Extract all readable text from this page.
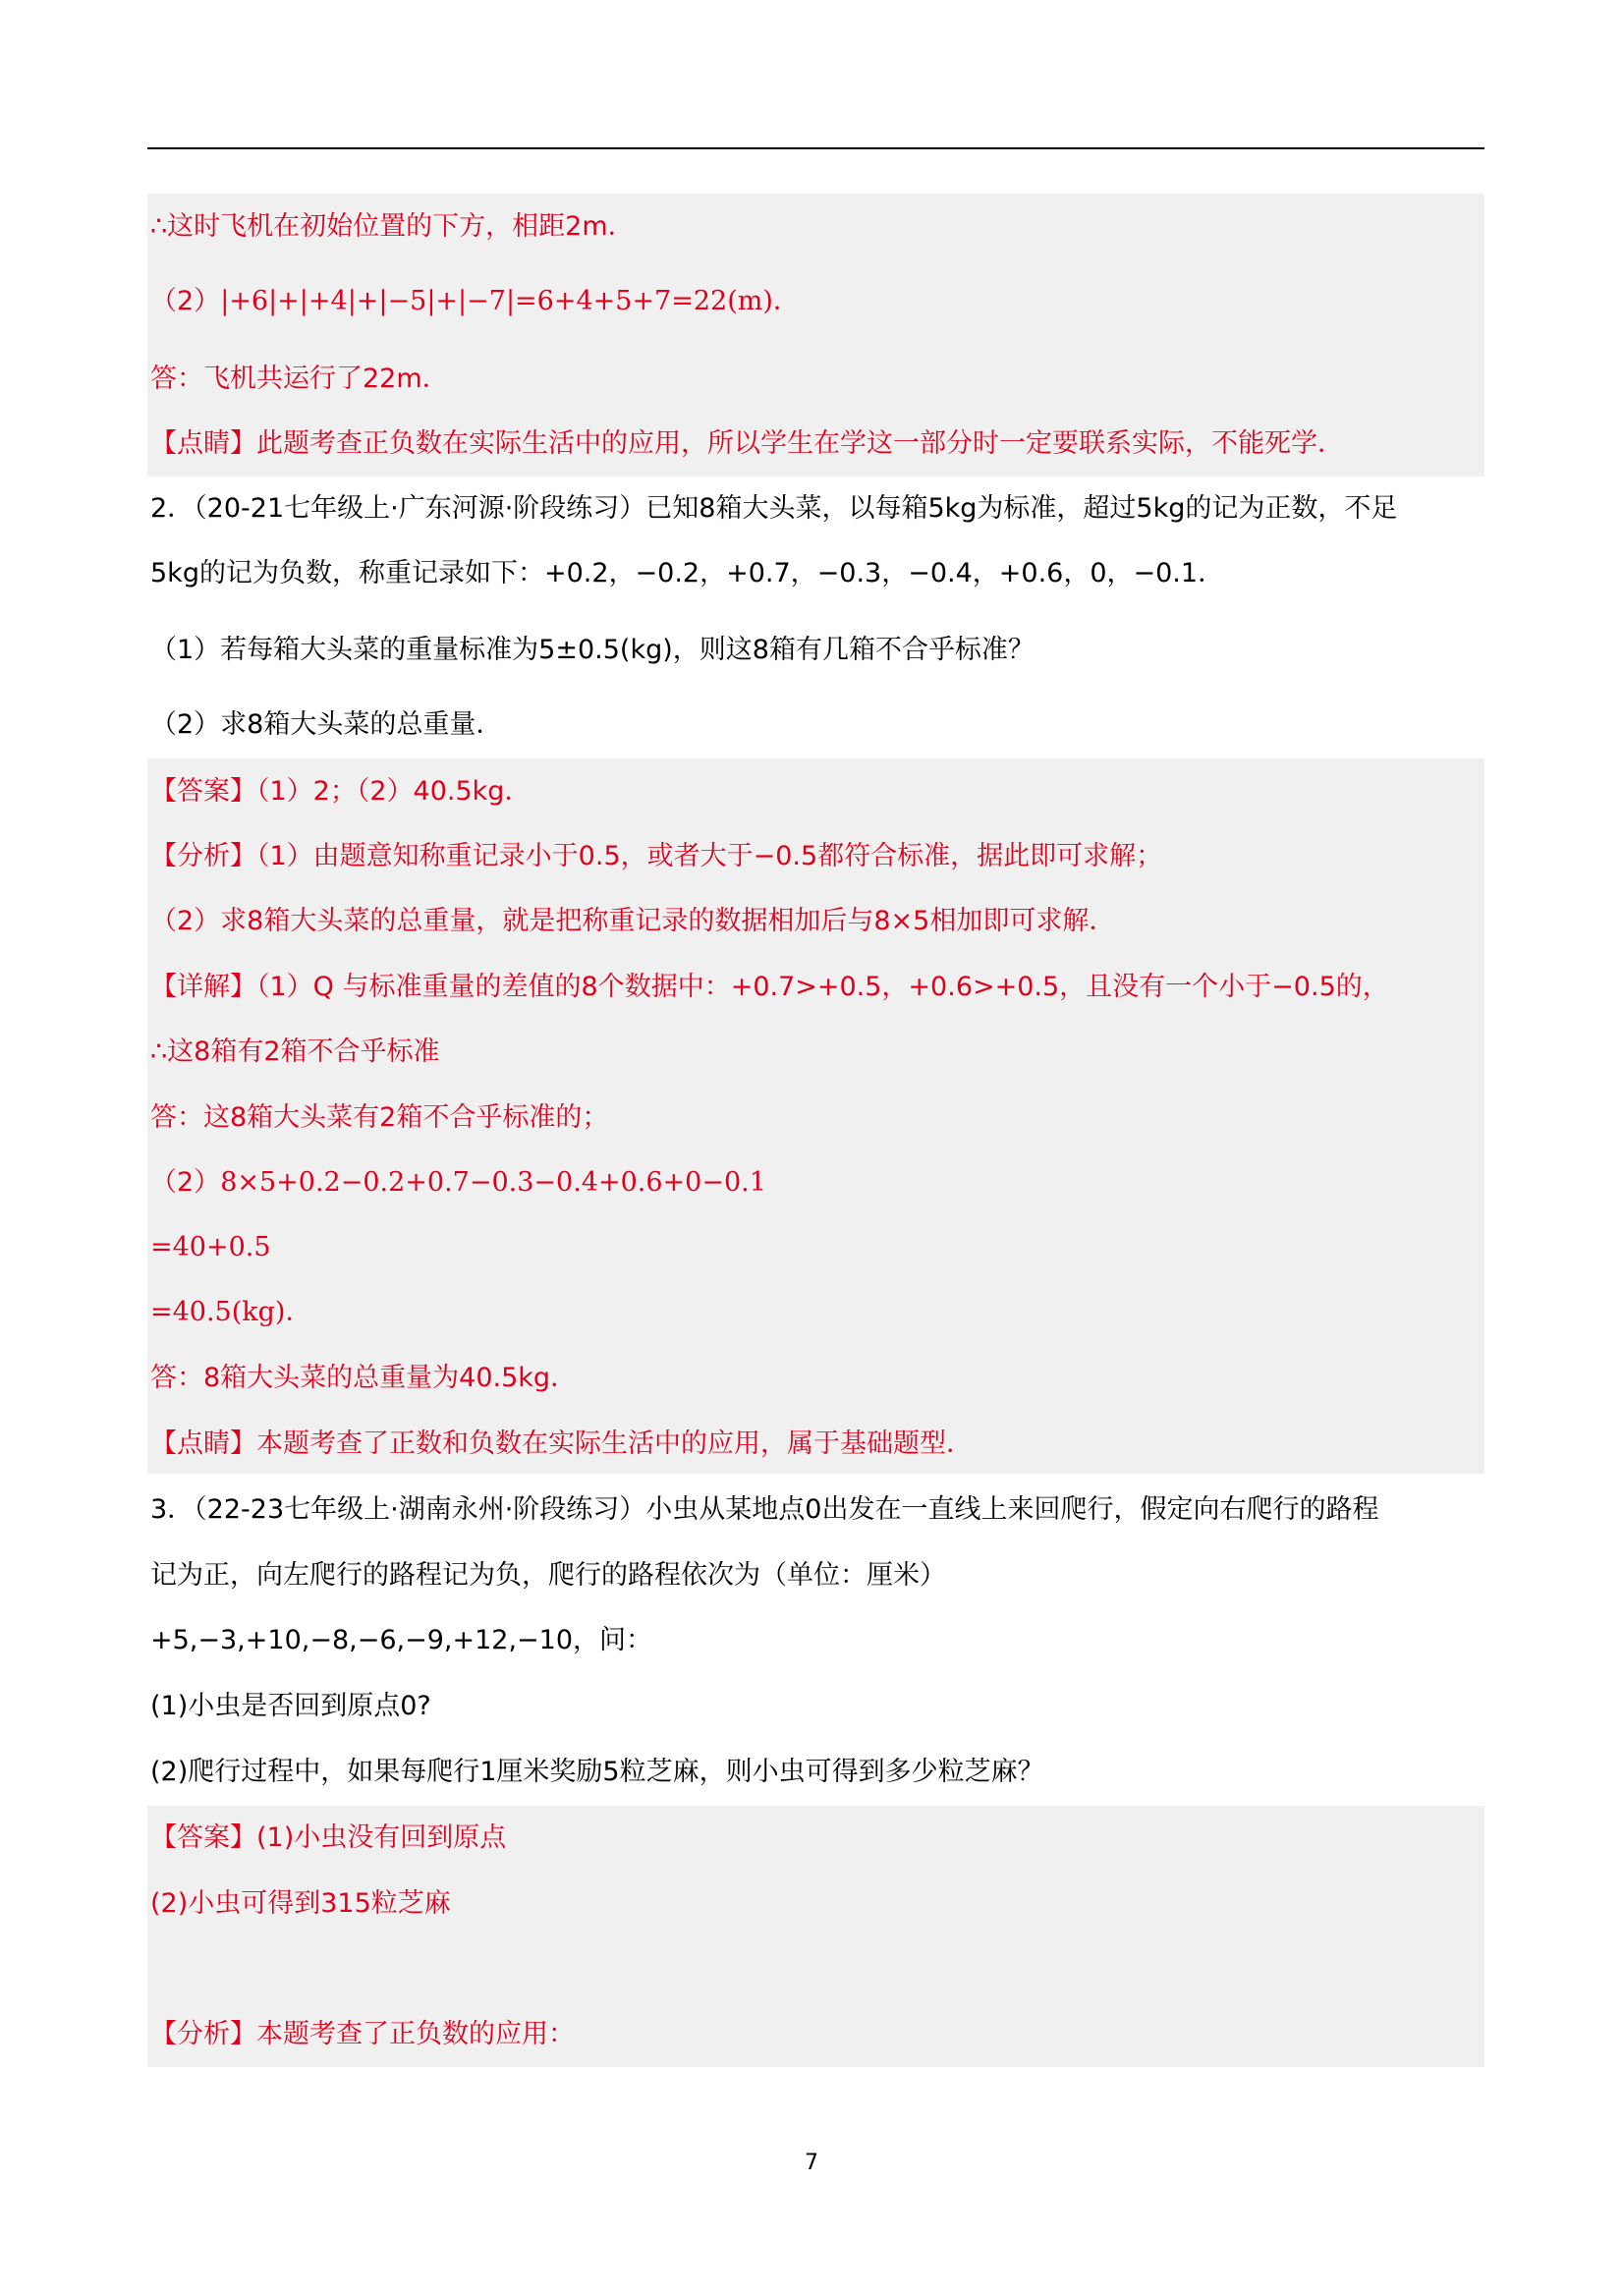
∴这时飞机在初始位置的下方，相距2m．
（2）|+6|+|+4|+|−5|+|−7|=6+4+5+7=22(m)．
答：飞机共运行了22m．
【点睛】此题考查正负数在实际生活中的应用，所以学生在学这一部分时一定要联系实际，不能死学．
2．（20-21七年级上·广东河源·阶段练习）已知8箱大头菜，以每箱5kg为标准，超过5kg的记为正数，不足
5kg的记为负数，称重记录如下：+0.2，−0.2，+0.7，−0.3，−0.4，+0.6，0，−0.1．
（1）若每箱大头菜的重量标准为5±0.5(kg)，则这8箱有几箱不合乎标准？
（2）求8箱大头菜的总重量．
【答案】（1）2；（2）40.5kg．
【分析】（1）由题意知称重记录小于0.5，或者大于−0.5都符合标准，据此即可求解；
（2）求8箱大头菜的总重量，就是把称重记录的数据相加后与8×5相加即可求解．
【详解】（1）Q 与标准重量的差值的8个数据中：+0.7>+0.5，+0.6>+0.5，且没有一个小于−0.5的，
∴这8箱有2箱不合乎标准
答：这8箱大头菜有2箱不合乎标准的；
（2）8×5+0.2−0.2+0.7−0.3−0.4+0.6+0−0.1
=40+0.5
=40.5(kg)．
答：8箱大头菜的总重量为40.5kg．
【点睛】本题考查了正数和负数在实际生活中的应用，属于基础题型．
3．（22-23七年级上·湖南永州·阶段练习）小虫从某地点0出发在一直线上来回爬行，假定向右爬行的路程
记为正，向左爬行的路程记为负，爬行的路程依次为（单位：厘米）
+5,−3,+10,−8,−6,−9,+12,−10，问：
(1)小虫是否回到原点0?
(2)爬行过程中，如果每爬行1厘米奖励5粒芝麻，则小虫可得到多少粒芝麻？
【答案】(1)小虫没有回到原点
(2)小虫可得到315粒芝麻
【分析】本题考查了正负数的应用：
7
